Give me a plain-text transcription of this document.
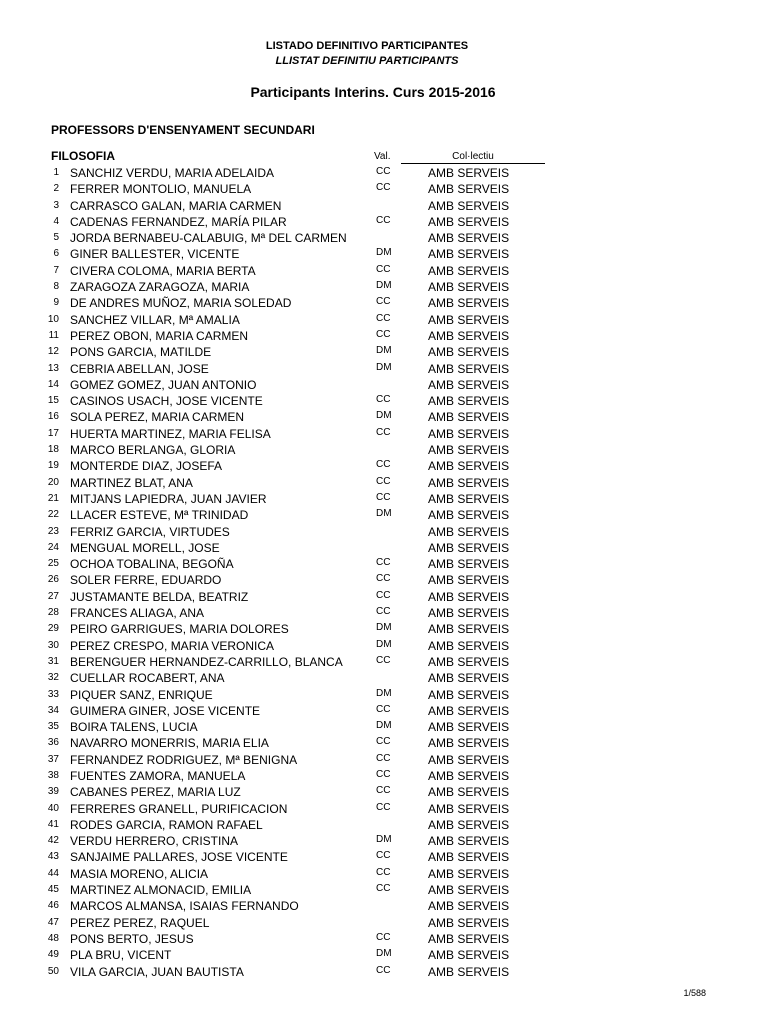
LISTADO DEFINITIVO PARTICIPANTES
LLISTAT DEFINITIU PARTICIPANTS
Participants Interins. Curs 2015-2016
PROFESSORS D'ENSENYAMENT SECUNDARI
FILOSOFIA	Val.	Col·lectiu
1 SANCHIZ VERDU, MARIA ADELAIDA	CC	AMB SERVEIS
2 FERRER MONTOLIO, MANUELA	CC	AMB SERVEIS
3 CARRASCO GALAN, MARIA CARMEN	AMB SERVEIS
4 CADENAS FERNANDEZ, MARÍA PILAR	CC	AMB SERVEIS
5 JORDA BERNABEU-CALABUIG, Mª DEL CARMEN	AMB SERVEIS
6 GINER BALLESTER, VICENTE	DM	AMB SERVEIS
7 CIVERA COLOMA, MARIA BERTA	CC	AMB SERVEIS
8 ZARAGOZA ZARAGOZA, MARIA	DM	AMB SERVEIS
9 DE ANDRES MUÑOZ, MARIA SOLEDAD	CC	AMB SERVEIS
10 SANCHEZ VILLAR, Mª AMALIA	CC	AMB SERVEIS
11 PEREZ OBON, MARIA CARMEN	CC	AMB SERVEIS
12 PONS GARCIA, MATILDE	DM	AMB SERVEIS
13 CEBRIA ABELLAN, JOSE	DM	AMB SERVEIS
14 GOMEZ GOMEZ, JUAN ANTONIO	AMB SERVEIS
15 CASINOS USACH, JOSE VICENTE	CC	AMB SERVEIS
16 SOLA PEREZ, MARIA CARMEN	DM	AMB SERVEIS
17 HUERTA MARTINEZ, MARIA FELISA	CC	AMB SERVEIS
18 MARCO BERLANGA, GLORIA	AMB SERVEIS
19 MONTERDE DIAZ, JOSEFA	CC	AMB SERVEIS
20 MARTINEZ BLAT, ANA	CC	AMB SERVEIS
21 MITJANS LAPIEDRA, JUAN JAVIER	CC	AMB SERVEIS
22 LLACER ESTEVE, Mª TRINIDAD	DM	AMB SERVEIS
23 FERRIZ GARCIA, VIRTUDES	AMB SERVEIS
24 MENGUAL MORELL, JOSE	AMB SERVEIS
25 OCHOA TOBALINA, BEGOÑA	CC	AMB SERVEIS
26 SOLER FERRE, EDUARDO	CC	AMB SERVEIS
27 JUSTAMANTE BELDA, BEATRIZ	CC	AMB SERVEIS
28 FRANCES ALIAGA, ANA	CC	AMB SERVEIS
29 PEIRO GARRIGUES, MARIA DOLORES	DM	AMB SERVEIS
30 PEREZ CRESPO, MARIA VERONICA	DM	AMB SERVEIS
31 BERENGUER HERNANDEZ-CARRILLO, BLANCA	CC	AMB SERVEIS
32 CUELLAR ROCABERT, ANA	AMB SERVEIS
33 PIQUER SANZ, ENRIQUE	DM	AMB SERVEIS
34 GUIMERA GINER, JOSE VICENTE	CC	AMB SERVEIS
35 BOIRA TALENS, LUCIA	DM	AMB SERVEIS
36 NAVARRO MONERRIS, MARIA ELIA	CC	AMB SERVEIS
37 FERNANDEZ RODRIGUEZ, Mª BENIGNA	CC	AMB SERVEIS
38 FUENTES ZAMORA, MANUELA	CC	AMB SERVEIS
39 CABANES PEREZ, MARIA LUZ	CC	AMB SERVEIS
40 FERRERES GRANELL, PURIFICACION	CC	AMB SERVEIS
41 RODES GARCIA, RAMON RAFAEL	AMB SERVEIS
42 VERDU HERRERO, CRISTINA	DM	AMB SERVEIS
43 SANJAIME PALLARES, JOSE VICENTE	CC	AMB SERVEIS
44 MASIA MORENO, ALICIA	CC	AMB SERVEIS
45 MARTINEZ ALMONACID, EMILIA	CC	AMB SERVEIS
46 MARCOS ALMANSA, ISAIAS FERNANDO	AMB SERVEIS
47 PEREZ PEREZ, RAQUEL	AMB SERVEIS
48 PONS BERTO, JESUS	CC	AMB SERVEIS
49 PLA BRU, VICENT	DM	AMB SERVEIS
50 VILA GARCIA, JUAN BAUTISTA	CC	AMB SERVEIS
1/588
